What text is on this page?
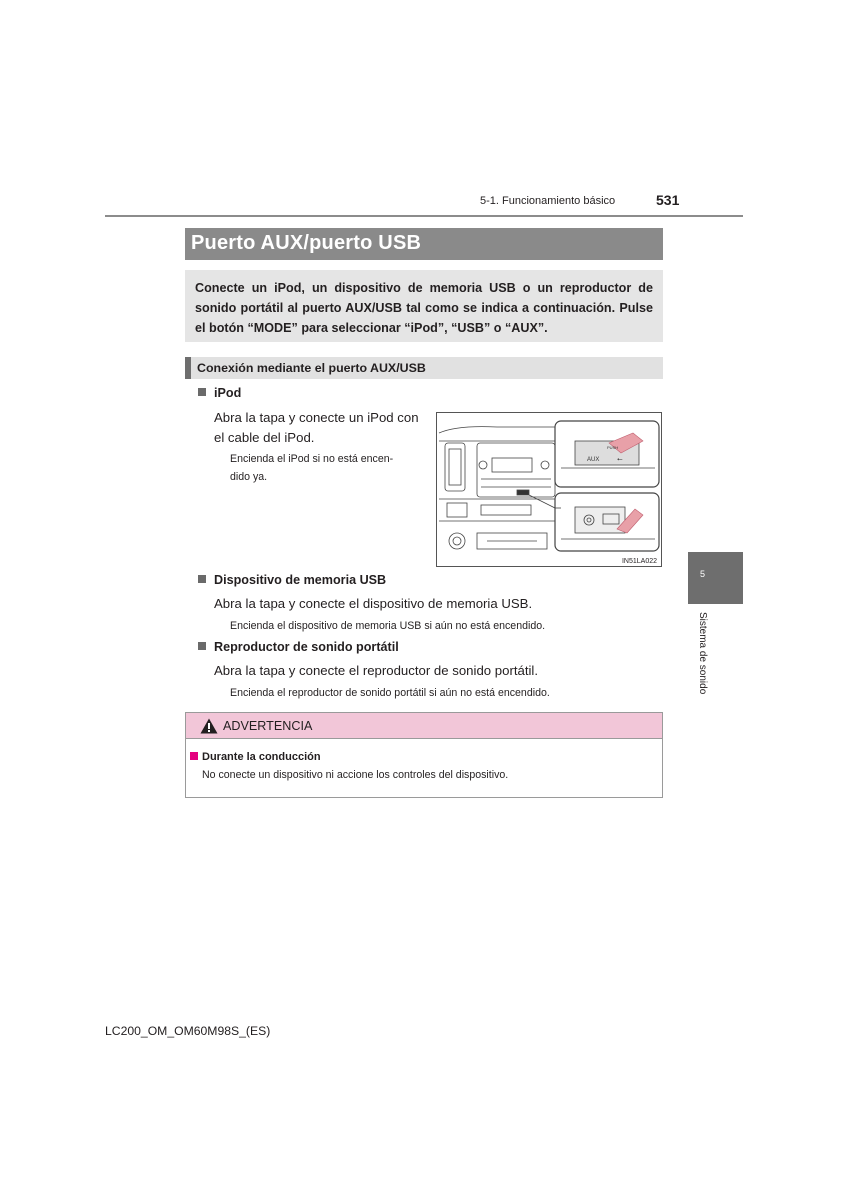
5-1. Funcionamiento básico	531
Puerto AUX/puerto USB
Conecte un iPod, un dispositivo de memoria USB o un reproductor de sonido portátil al puerto AUX/USB tal como se indica a continuación. Pulse el botón “MODE” para seleccionar “iPod”, “USB” o “AUX”.
Conexión mediante el puerto AUX/USB
iPod
Abra la tapa y conecte un iPod con
el cable del iPod.
Encienda el iPod si no está encen-
dido ya.
AUX
PUSH
⭠
IN51LA022
Dispositivo de memoria USB
Abra la tapa y conecte el dispositivo de memoria USB.
Encienda el dispositivo de memoria USB si aún no está encendido.
Reproductor de sonido portátil
Abra la tapa y conecte el reproductor de sonido portátil.
Encienda el reproductor de sonido portátil si aún no está encendido.
ADVERTENCIA
Durante la conducción
No conecte un dispositivo ni accione los controles del dispositivo.
5
Sistema de sonido
LC200_OM_OM60M98S_(ES)
